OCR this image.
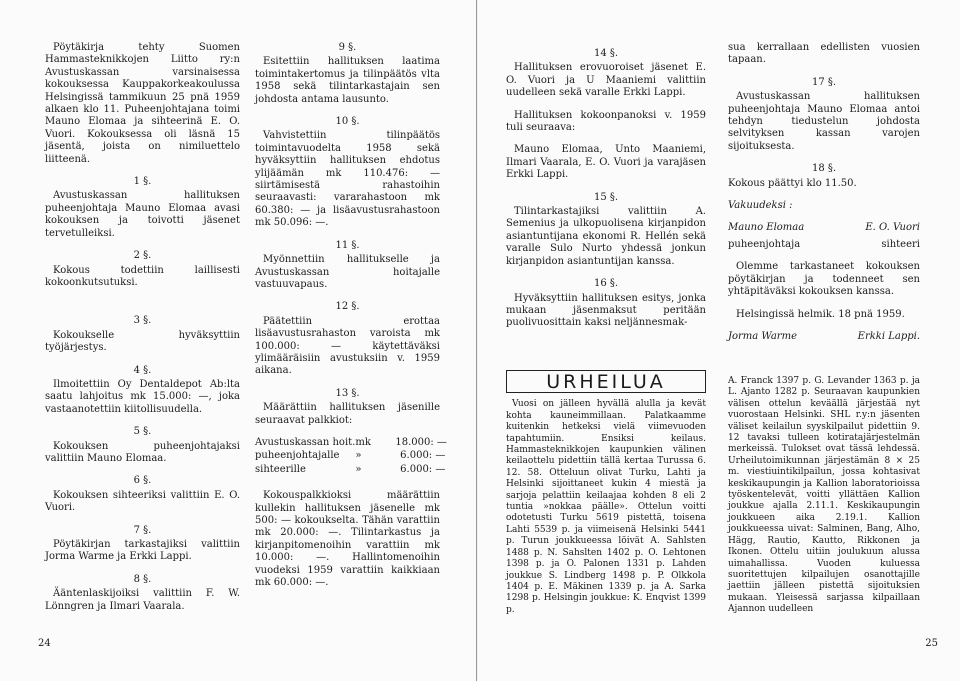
Pöytäkirja tehty Suomen Hammasteknikkojen Liitto ry:n Avustuskassan varsinaisessa kokouksessa Kauppakorkeakoulussa Helsingissä tammikuun 25 pnä 1959 alkaen klo 11. Puheenjohtajana toimi Mauno Elomaa ja sihteerinä E. O. Vuori. Kokouksessa oli läsnä 15 jäsentä, joista on nimiluettelo liitteenä.

1 §.

Avustuskassan hallituksen puheenjohtaja Mauno Elomaa avasi kokouksen ja toivotti jäsenet tervetulleiksi.

2 §.

Kokous todettiin laillisesti kokoonkutsutuksi.

3 §.

Kokoukselle hyväksyttiin työjärjestys.

4 §.

Ilmoitettiin Oy Dentaldepot Ab:lta saatu lahjoitus mk 15.000: —, joka vastaanotettiin kiitollisuudella.

5 §.

Kokouksen puheenjohtajaksi valittiin Mauno Elomaa.

6 §.

Kokouksen sihteeriksi valittiin E. O. Vuori.

7 §.

Pöytäkirjan tarkastajiksi valittiin Jorma Warme ja Erkki Lappi.

8 §.

Ääntenlaskijoiksi valittiin F. W. Lönngren ja Ilmari Vaarala.

9 §.

Esitettiin hallituksen laatima toimintakertomus ja tilinpäätös vlta 1958 sekä tilintarkastajain sen johdosta antama lausunto.

10 §.

Vahvistettiin tilinpäätös toimintavuodelta 1958 sekä hyväksyttiin hallituksen ehdotus ylijäämän mk 110.476: — siirtämisestä rahastoihin seuraavasti: vararahastoon mk 60.380: — ja lisäavustusrahastoon mk 50.096: —.

11 §.

Myönnettiin hallitukselle ja Avustuskassan hoitajalle vastuuvapaus.

12 §.

Päätettiin erottaa lisäavustusrahaston varoista mk 100.000: — käytettäväksi ylimääräisiin avustuksiin v. 1959 aikana.

13 §.

Määrättiin hallituksen jäsenille seuraavat palkkiot:

Avustuskassan hoit. mk	18.000: —
puheenjohtajalle	»	6.000: —
sihteerille	»	6.000: —

Kokouspalkkioksi määrättiin kullekin hallituksen jäsenelle mk 500: — kokoukselta. Tähän varattiin mk 20.000: —. Tilintarkastus ja kirjanpitomenoihin varattiin mk 10.000: —. Hallintomenoihin vuodeksi 1959 varattiin kaikkiaan mk 60.000: —.

24
14 §.

Hallituksen erovuoroiset jäsenet E. O. Vuori ja U Maaniemi valittiin uudelleen sekä varalle Erkki Lappi.

Hallituksen kokoonpanoksi v. 1959 tuli seuraava:

Mauno Elomaa, Unto Maaniemi, Ilmari Vaarala, E. O. Vuori ja varajäsen Erkki Lappi.

15 §.

Tilintarkastajiksi valittiin A. Semenius ja ulkopuolisena kirjanpidon asiantuntijana ekonomi R. Hellén sekä varalle Sulo Nurto yhdessä jonkun kirjanpidon asiantuntijan kanssa.

16 §.

Hyväksyttiin hallituksen esitys, jonka mukaan jäsenmaksut peritään puolivuosittain kaksi neljännesmak-

sua kerrallaan edellisten vuosien tapaan.

17 §.

Avustuskassan hallituksen puheenjohtaja Mauno Elomaa antoi tehdyn tiedustelun johdosta selvityksen kassan varojen sijoituksesta.

18 §.

Kokous päättyi klo 11.50.

Vakuudeksi :

Mauno Elomaa	E. O. Vuori
puheenjohtaja	sihteeri

Olemme tarkastaneet kokouksen pöytäkirjan ja todenneet sen yhtäpitäväksi kokouksen kanssa.

Helsingissä helmik. 18 pnä 1959.

Jorma Warme	Erkki Lappi.
URHEILUA

Vuosi on jälleen hyvällä alulla ja kevät kohta kauneimmillaan. Palatkaamme kuitenkin hetkeksi vielä viimevuoden tapahtumiin. Ensiksi keilaus. Hammasteknikkojen kaupunkien välinen keilaottelu pidettiin tällä kertaa Turussa 6. 12. 58. Otteluun olivat Turku, Lahti ja Helsinki sijoittaneet kukin 4 miestä ja sarjoja pelattiin keilaajaa kohden 8 eli 2 tuntia »nokkaa päälle». Ottelun voitti odotetusti Turku 5619 pistettä, toisena Lahti 5539 p. ja viimeisenä Helsinki 5441 p. Turun joukkueessa löivät A. Sahlsten 1488 p. N. Sahslten 1402 p. O. Lehtonen 1398 p. ja O. Palonen 1331 p. Lahden joukkue S. Lindberg 1498 p. P. Olkkola 1404 p. E. Mäkinen 1339 p. ja A. Sarka 1298 p. Helsingin joukkue: K. Enqvist 1399 p.

A. Franck 1397 p. G. Levander 1363 p. ja L. Ajanto 1282 p. Seuraavan kaupunkien välisen ottelun keväällä järjestää nyt vuorostaan Helsinki. SHL r.y:n jäsenten väliset keilailun syyskilpailut pidettiin 9. 12 tavaksi tulleen kotiratajärjestelmän merkeissä. Tulokset ovat tässä lehdessä. Urheilutoimikunnan järjestämän 8 × 25 m. viestiuintikilpailun, jossa kohtasivat keskikaupungin ja Kallion laboratorioissa työskentelevät, voitti yllättäen Kallion joukkue ajalla 2.11.1. Keskikaupungin joukkueen aika 2.19.1. Kallion joukkueessa uivat: Salminen, Bang, Alho, Hägg, Rautio, Kautto, Rikkonen ja Ikonen. Ottelu uitiin joulukuun alussa uimahallissa. Vuoden kuluessa suoritettujen kilpailujen osanottajille jaettiin jälleen pistettä sijoituksien mukaan. Yleisessä sarjassa kilpaillaan Ajannon uudelleen

25
